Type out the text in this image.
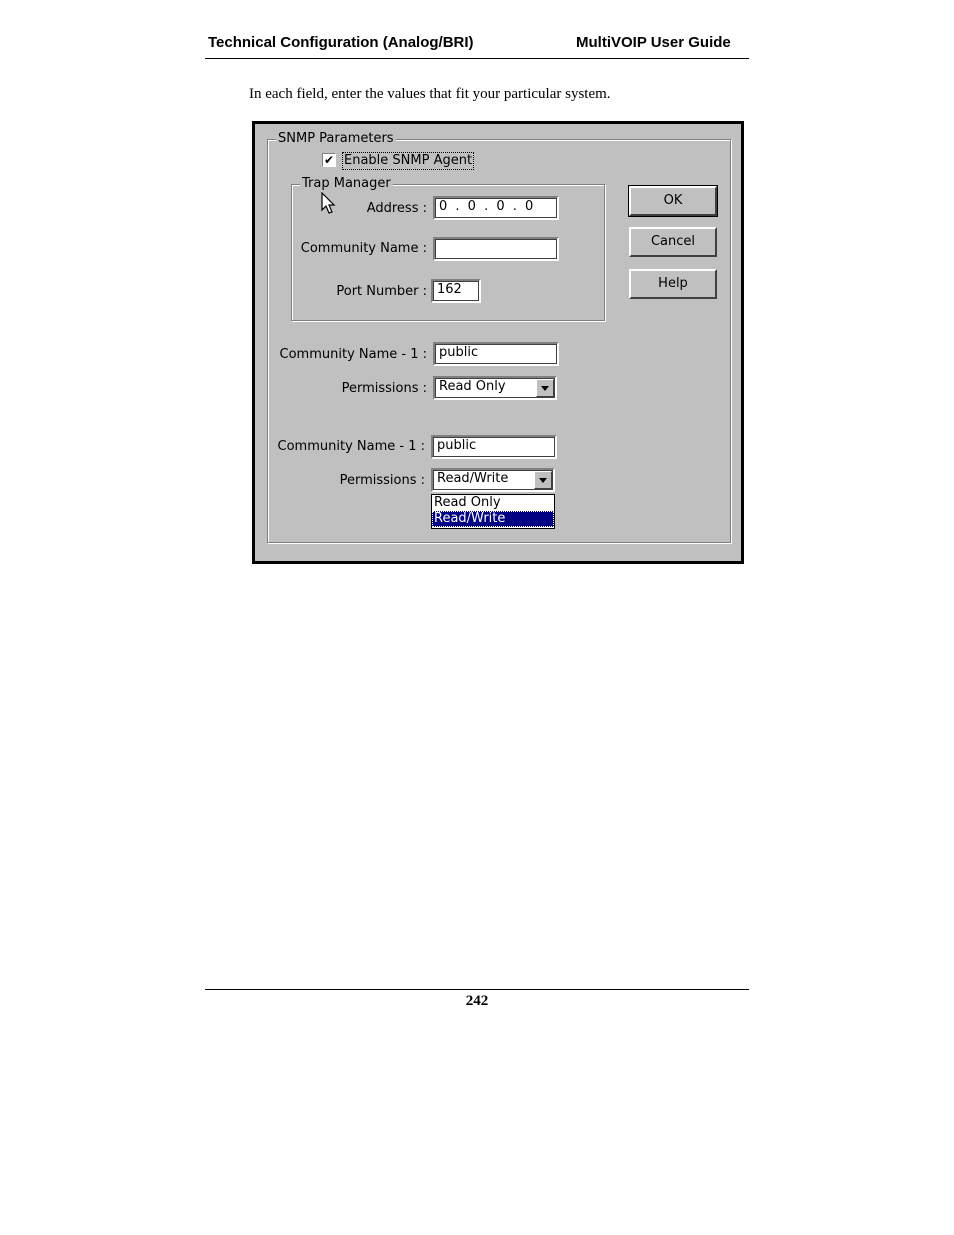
Technical Configuration (Analog/BRI)	MultiVOIP User Guide
In each field, enter the values that fit your particular system.
SNMP Parameters
✔ Enable SNMP Agent
Trap Manager
Address : 0 . 0 . 0 . 0
Community Name :
Port Number : 162
OK
Cancel
Help
Community Name - 1 : public
Permissions : Read Only
Community Name - 1 : public
Permissions : Read/Write
Read Only
Read/Write
242
